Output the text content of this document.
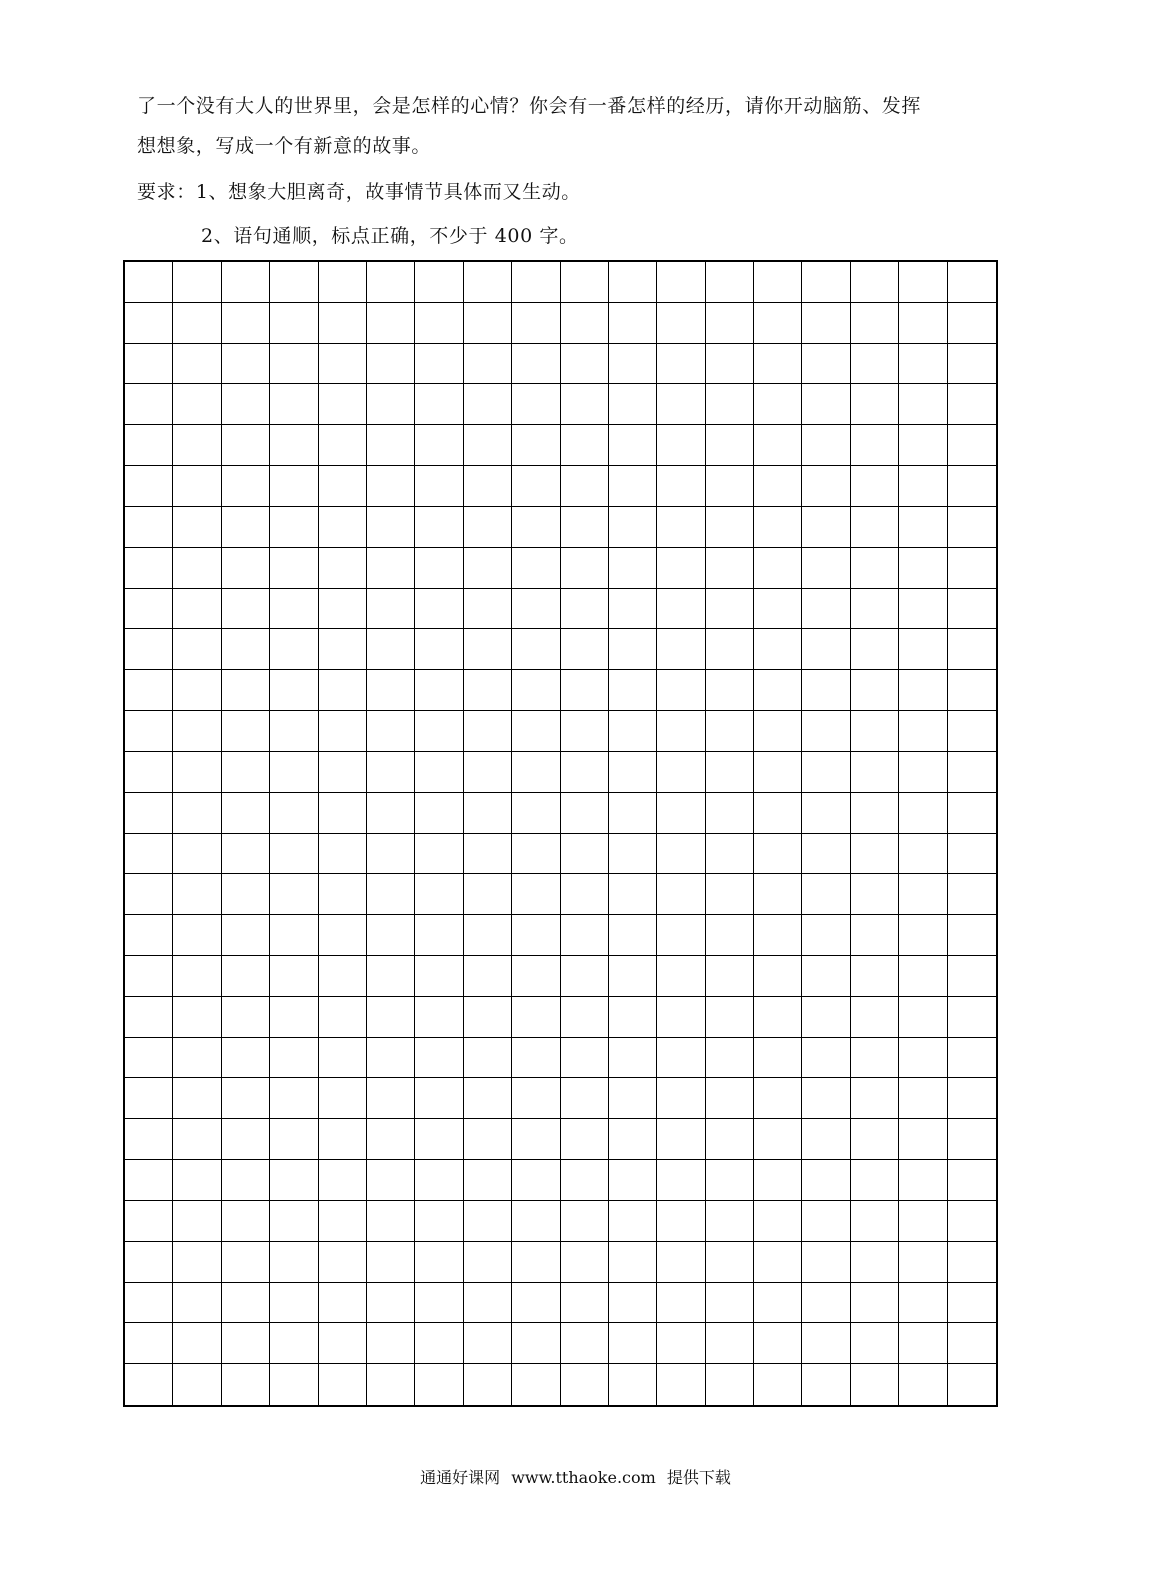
了一个没有大人的世界里，会是怎样的心情？你会有一番怎样的经历，请你开动脑筋、发挥
想想象，写成一个有新意的故事。
要求：1、想象大胆离奇，故事情节具体而又生动。
2、语句通顺，标点正确，不少于 400 字。
通通好课网 www.tthaoke.com 提供下载
